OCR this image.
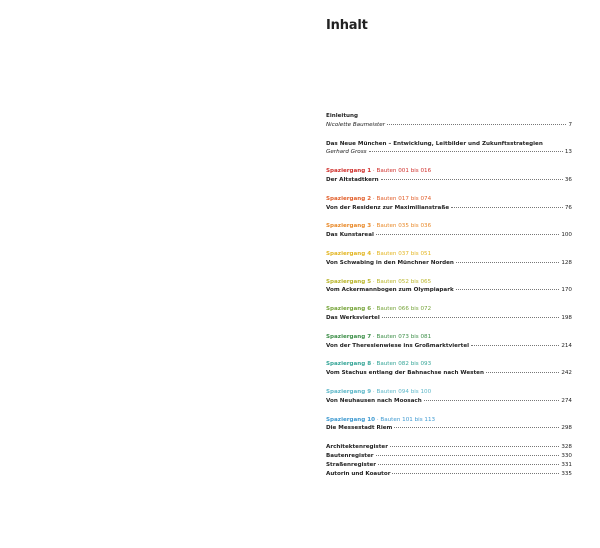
Inhalt
Einleitung
Nicolette Baumeister	7
Das Neue München – Entwicklung, Leitbilder und Zukunftsstrategien
Gerhard Gross	13
Spaziergang 1 · Bauten 001 bis 016
Der Altstadtkern	36
Spaziergang 2 · Bauten 017 bis 074
Von der Residenz zur Maximilianstraße	76
Spaziergang 3 · Bauten 035 bis 036
Das Kunstareal	100
Spaziergang 4 · Bauten 037 bis 051
Von Schwabing in den Münchner Norden	128
Spaziergang 5 · Bauten 052 bis 065
Vom Ackermannbogen zum Olympiapark	170
Spaziergang 6 · Bauten 066 bis 072
Das Werksviertel	198
Spaziergang 7 · Bauten 073 bis 081
Von der Theresienwiese ins Großmarktviertel	214
Spaziergang 8 · Bauten 082 bis 093
Vom Stachus entlang der Bahnachse nach Westen	242
Spaziergang 9 · Bauten 094 bis 100
Von Neuhausen nach Moosach	274
Spaziergang 10 · Bauten 101 bis 113
Die Messestadt Riem	298
Architektenregister	328
Bautenregister	330
Straßenregister	331
Autorin und Koautor	335
